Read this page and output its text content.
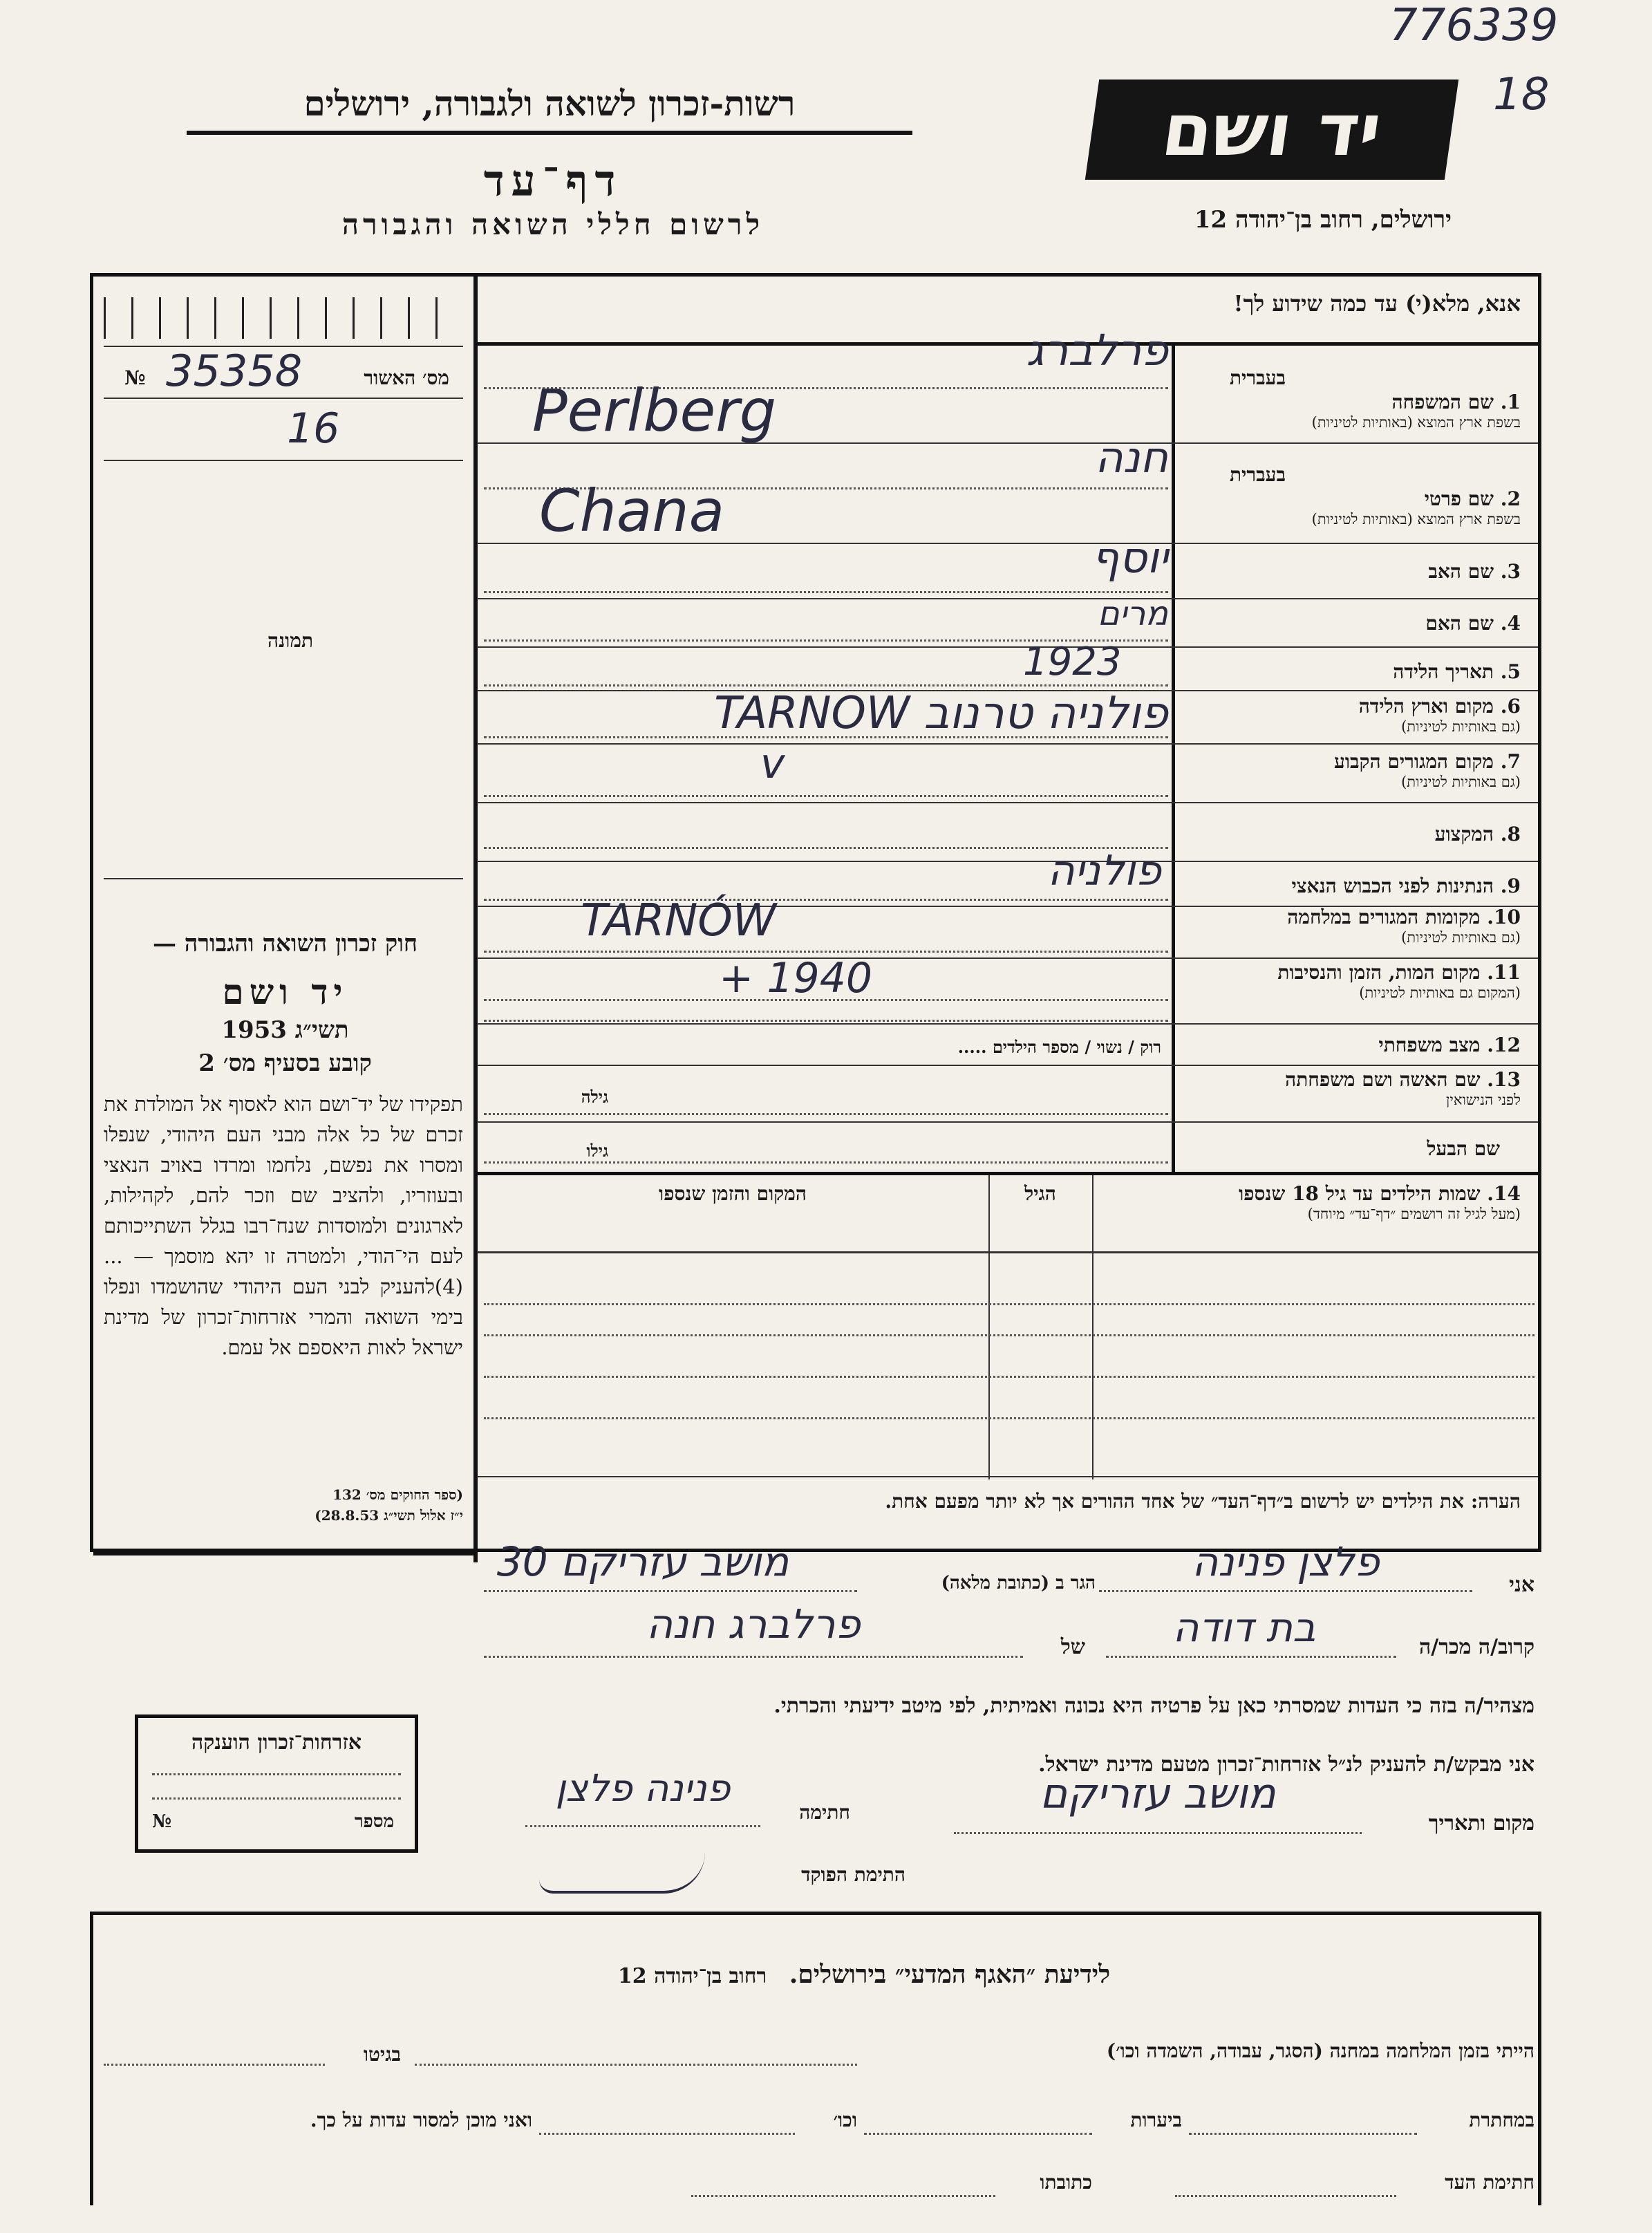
776339
18
רשות-זכרון לשואה ולגבורה, ירושלים
דף־עד
לרשום חללי השואה והגבורה
יד ושם
ירושלים, רחוב בן־יהודה 12
מס׳ האשור
№ 35358
16
תמונה
חוק זכרון השואה והגבורה —
יד ושם
תשי״ג 1953
קובע בסעיף מס׳ 2
תפקידו של יד־ושם הוא לאסוף אל המולדת את זכרם של כל אלה מבני העם היהודי, שנפלו ומסרו את נפשם, נלחמו ומרדו באויב הנאצי ובעוזריו, ולהציב שם וזכר להם, לקהילות, לארגונים ולמוסדות שנח־רבו בגלל השתייכותם לעם הי־הודי, ולמטרה זו יהא מוסמך — ...(4)להעניק לבני העם היהודי שהושמדו ונפלו בימי השואה והמרי אזרחות־זכרון של מדינת ישראל לאות היאספם אל עמם.
(ספר החוקים מס׳ 132
י״ז אלול תשי״ג 28.8.53)
אנא, מלא(י) עד כמה שידוע לך!
בעברית
1. שם המשפחה
בשפת ארץ המוצא (באותיות לטיניות)
פרלברג
Perlberg
בעברית
2. שם פרטי
בשפת ארץ המוצא (באותיות לטיניות)
חנה
Chana
3. שם האב
יוסף
4. שם האם
מרים
5. תאריך הלידה
1923
6. מקום וארץ הלידה
(גם באותיות לטיניות)
פולניה טרנוב TARNOW
7. מקום המגורים הקבוע
(גם באותיות לטיניות)
v
8. המקצוע
9. הנתינות לפני הכבוש הנאצי
פולניה
10. מקומות המגורים במלחמה
(גם באותיות לטיניות)
TARNÓW
11. מקום המות, הזמן והנסיבות
(המקום גם באותיות לטיניות)
+ 1940
12. מצב משפחתי
רוק / נשוי / מספר הילדים .....
13. שם האשה ושם משפחתה
לפני הנישואין
גילה
שם הבעל
גילו
14. שמות הילדים עד גיל 18 שנספו
(מעל לגיל זה רושמים ״דף־עד״ מיוחד)
הגיל
המקום והזמן שנספו
הערה: את הילדים יש לרשום ב״דף־העד״ של אחד ההורים אך לא יותר מפעם אחת.
אני
פלצן פנינה
הגר ב (כתובת מלאה)
מושב עזריקם 30
קרוב/ה מכר/ה
בת דודה
של
פרלברג חנה
מצהיר/ה בזה כי העדות שמסרתי כאן על פרטיה היא נכונה ואמיתית, לפי מיטב ידיעתי והכרתי.
אני מבקש/ת להעניק לנ״ל אזרחות־זכרון מטעם מדינת ישראל.
מקום ותאריך
מושב עזריקם
חתימה
פנינה פלצן
התימת הפוקד
אזרחות־זכרון הוענקה
מספר
№
לידיעת ״האגף המדעי״ בירושלים. רחוב בן־יהודה 12
הייתי בזמן המלחמה במחנה (הסגר, עבודה, השמדה וכו׳)
בגיטו
במחתרת
ביערות
וכו׳
ואני מוכן למסור עדות על כך.
חתימת העד
כתובתו
